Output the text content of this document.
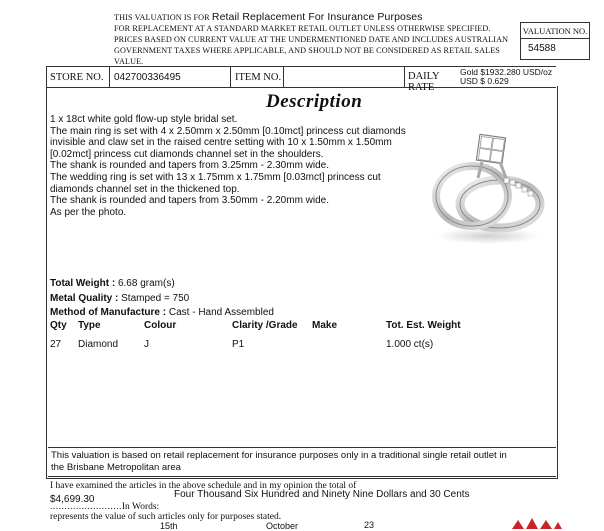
THIS VALUATION IS FOR Retail Replacement For Insurance Purposes
FOR REPLACEMENT AT A STANDARD MARKET RETAIL OUTLET UNLESS OTHERWISE SPECIFIED.
PRICES BASED ON CURRENT VALUE AT THE UNDERMENTIONED DATE AND INCLUDES AUSTRALIAN
GOVERNMENT TAXES WHERE APPLICABLE, AND SHOULD NOT BE CONSIDERED AS RETAIL SALES VALUE.
VALUATION NO.
54588
STORE NO. 042700336495	ITEM NO.	DAILY RATE
Gold $1932.280 USD/oz
USD $ 0.629
Description
1 x 18ct white gold flow-up style bridal set.
The main ring is set with 4 x 2.50mm x 2.50mm [0.10mct] princess cut diamonds
invisible and claw set in the raised centre setting with 10 x 1.50mm x 1.50mm
[0.02mct] princess cut diamonds channel set in the shoulders.
The shank is rounded and tapers from 3.25mm - 2.30mm wide.
The wedding ring is set with 13 x 1.75mm x 1.75mm [0.03mct] princess cut
diamonds channel set in the thickened top.
The shank is rounded and tapers from 3.50mm - 2.20mm wide.
As per the photo.
Total Weight : 6.68 gram(s)
Metal Quality : Stamped = 750
Method of Manufacture : Cast - Hand Assembled
Qty Type	Colour	Clarity /Grade Make	Tot. Est. Weight
27 Diamond	J	P1	1.000 ct(s)
This valuation is based on retail replacement for insurance purposes only in a traditional single retail outlet in
the Brisbane Metropolitan area
I have examined the articles in the above schedule and in my opinion the total of
$4,699.30
.........................In Words:
Four Thousand Six Hundred and Ninety Nine Dollars and 30 Cents
represents the value of such articles only for purposes stated.
15th	October	23
